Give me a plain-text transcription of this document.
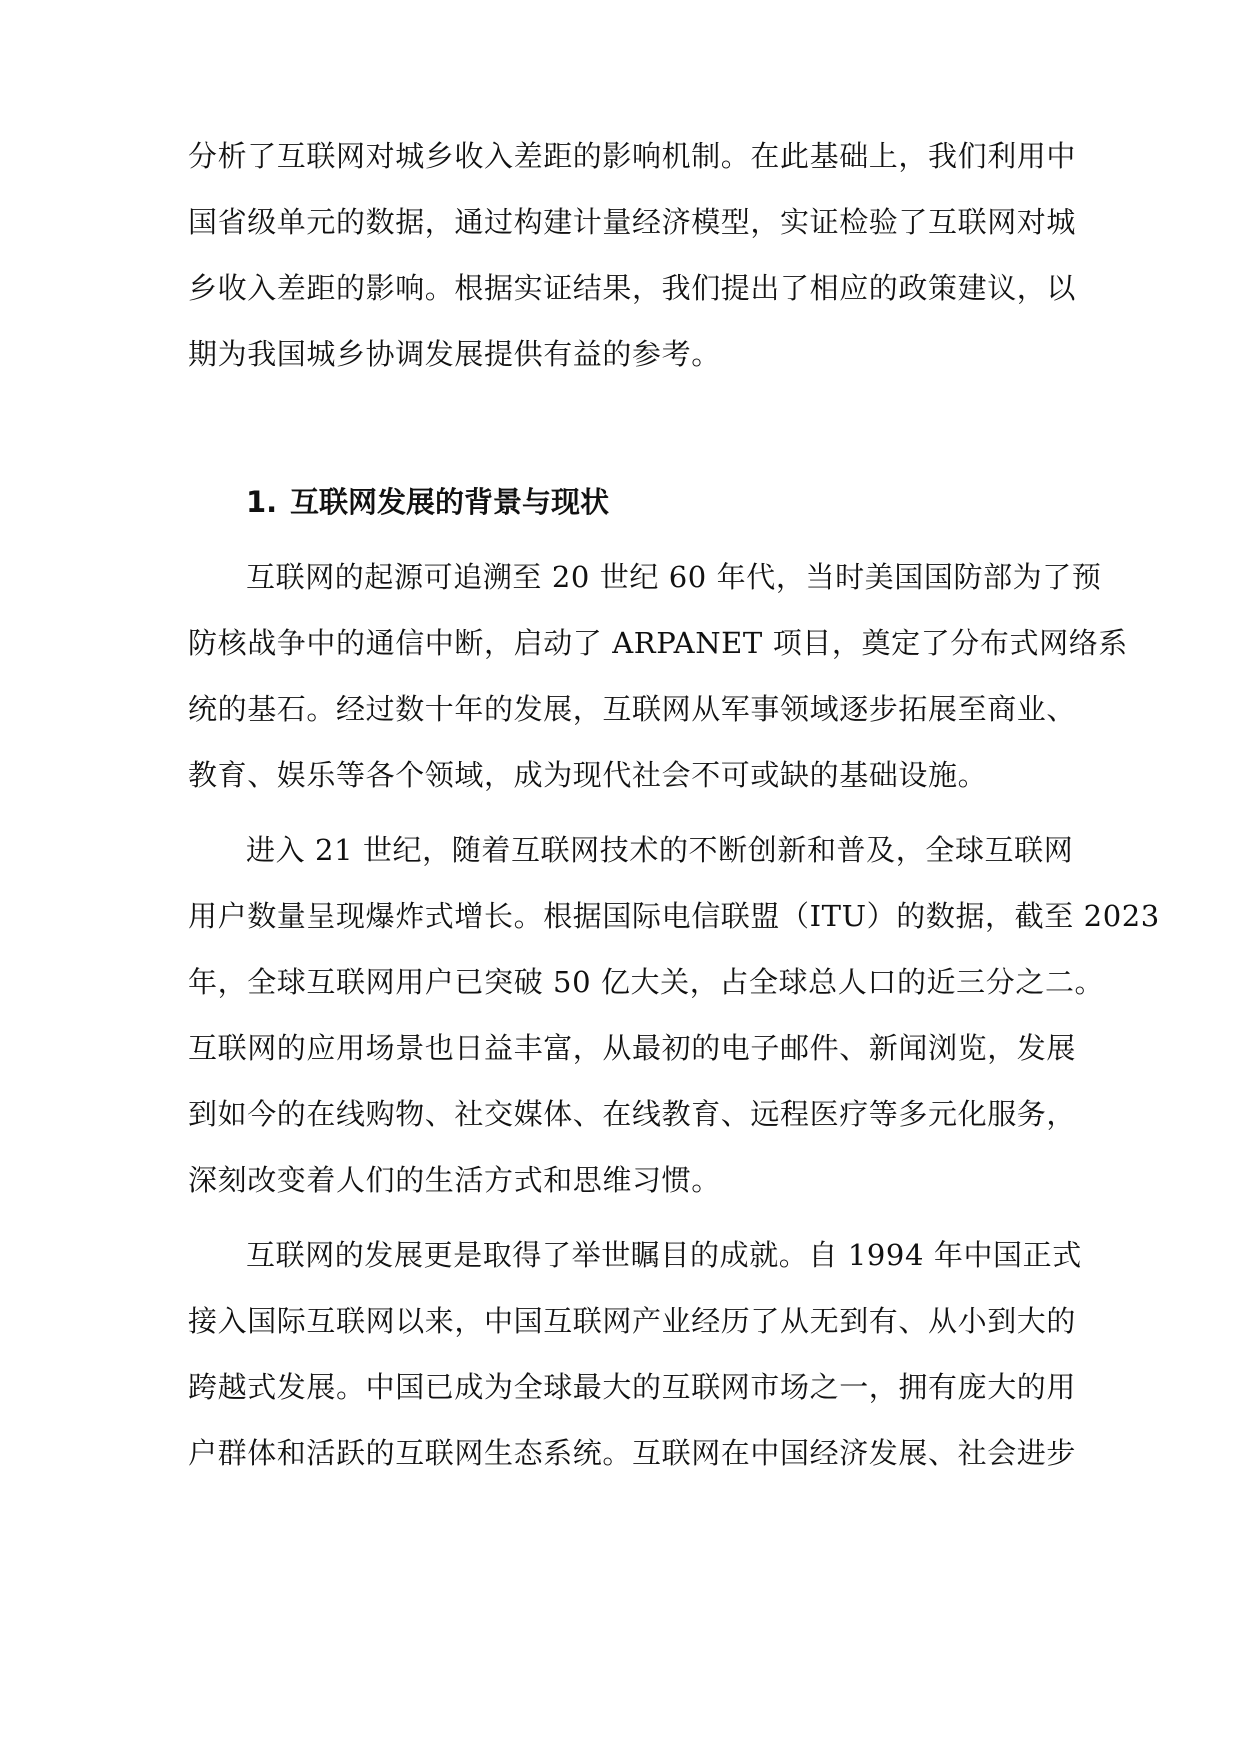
分析了互联网对城乡收入差距的影响机制。在此基础上，我们利用中
国省级单元的数据，通过构建计量经济模型，实证检验了互联网对城
乡收入差距的影响。根据实证结果，我们提出了相应的政策建议，以
期为我国城乡协调发展提供有益的参考。
1. 互联网发展的背景与现状
互联网的起源可追溯至 20 世纪 60 年代，当时美国国防部为了预
防核战争中的通信中断，启动了 ARPANET 项目，奠定了分布式网络系
统的基石。经过数十年的发展，互联网从军事领域逐步拓展至商业、
教育、娱乐等各个领域，成为现代社会不可或缺的基础设施。
进入 21 世纪，随着互联网技术的不断创新和普及，全球互联网
用户数量呈现爆炸式增长。根据国际电信联盟（ITU）的数据，截至 2023
年，全球互联网用户已突破 50 亿大关，占全球总人口的近三分之二。
互联网的应用场景也日益丰富，从最初的电子邮件、新闻浏览，发展
到如今的在线购物、社交媒体、在线教育、远程医疗等多元化服务，
深刻改变着人们的生活方式和思维习惯。
互联网的发展更是取得了举世瞩目的成就。自 1994 年中国正式
接入国际互联网以来，中国互联网产业经历了从无到有、从小到大的
跨越式发展。中国已成为全球最大的互联网市场之一，拥有庞大的用
户群体和活跃的互联网生态系统。互联网在中国经济发展、社会进步
